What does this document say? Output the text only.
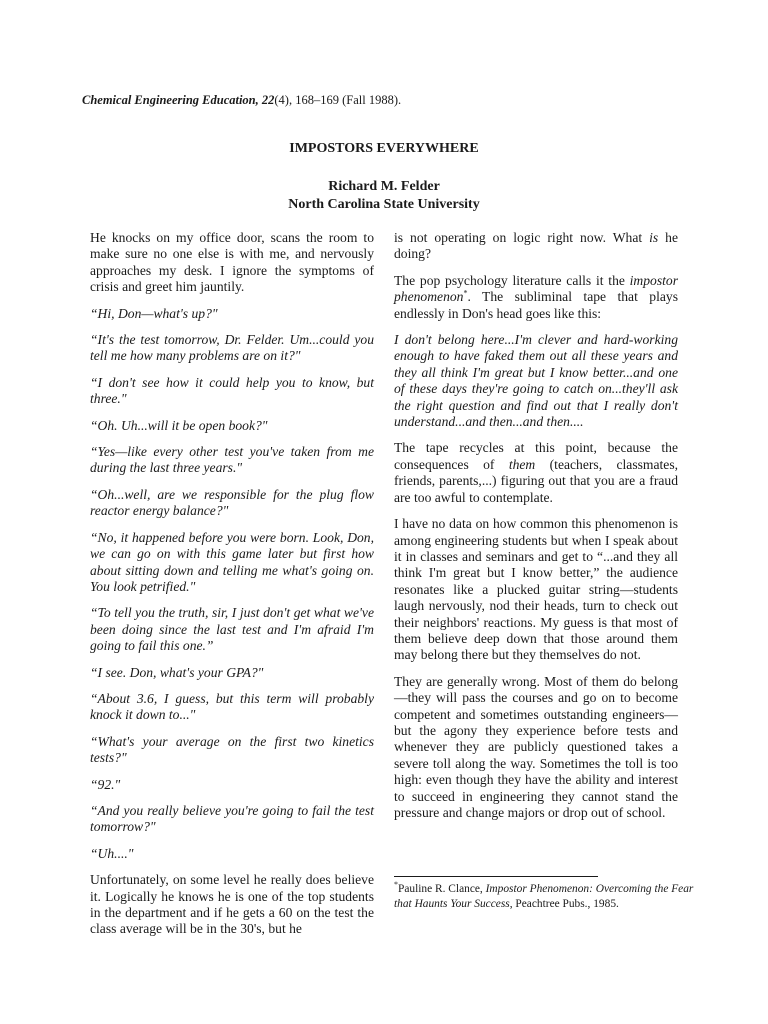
Chemical Engineering Education, 22(4), 168–169 (Fall 1988).
IMPOSTORS EVERYWHERE
Richard M. Felder
North Carolina State University

He knocks on my office door, scans the room to make sure no one else is with me, and nervously approaches my desk. I ignore the symptoms of crisis and greet him jauntily.

“Hi, Don—what's up?"

“It's the test tomorrow, Dr. Felder. Um...could you tell me how many problems are on it?"

“I don't see how it could help you to know, but three."

“Oh. Uh...will it be open book?"

“Yes—like every other test you've taken from me during the last three years."

“Oh...well, are we responsible for the plug flow reactor energy balance?"

“No, it happened before you were born. Look, Don, we can go on with this game later but first how about sitting down and telling me what's going on. You look petrified."

“To tell you the truth, sir, I just don't get what we've been doing since the last test and I'm afraid I'm going to fail this one.”

“I see. Don, what's your GPA?"

“About 3.6, I guess, but this term will probably knock it down to..."

“What's your average on the first two kinetics tests?"

“92."

“And you really believe you're going to fail the test tomorrow?"

“Uh...."

Unfortunately, on some level he really does believe it. Logically he knows he is one of the top students in the department and if he gets a 60 on the test the class average will be in the 30's, but he

is not operating on logic right now. What is he doing?

The pop psychology literature calls it the impostor phenomenon*. The subliminal tape that plays endlessly in Don's head goes like this:

I don't belong here...I'm clever and hard-working enough to have faked them out all these years and they all think I'm great but I know better...and one of these days they're going to catch on...they'll ask the right question and find out that I really don't understand...and then...and then....

The tape recycles at this point, because the consequences of them (teachers, classmates, friends, parents,...) figuring out that you are a fraud are too awful to contemplate.

I have no data on how common this phenomenon is among engineering students but when I speak about it in classes and seminars and get to “...and they all think I'm great but I know better,” the audience resonates like a plucked guitar string—students laugh nervously, nod their heads, turn to check out their neighbors' reactions. My guess is that most of them believe deep down that those around them may belong there but they themselves do not.

They are generally wrong. Most of them do belong—they will pass the courses and go on to become competent and sometimes outstanding engineers—but the agony they experience before tests and whenever they are publicly questioned takes a severe toll along the way. Sometimes the toll is too high: even though they have the ability and interest to succeed in engineering they cannot stand the pressure and change majors or drop out of school.

*Pauline R. Clance, Impostor Phenomenon: Overcoming the Fear that Haunts Your Success, Peachtree Pubs., 1985.
